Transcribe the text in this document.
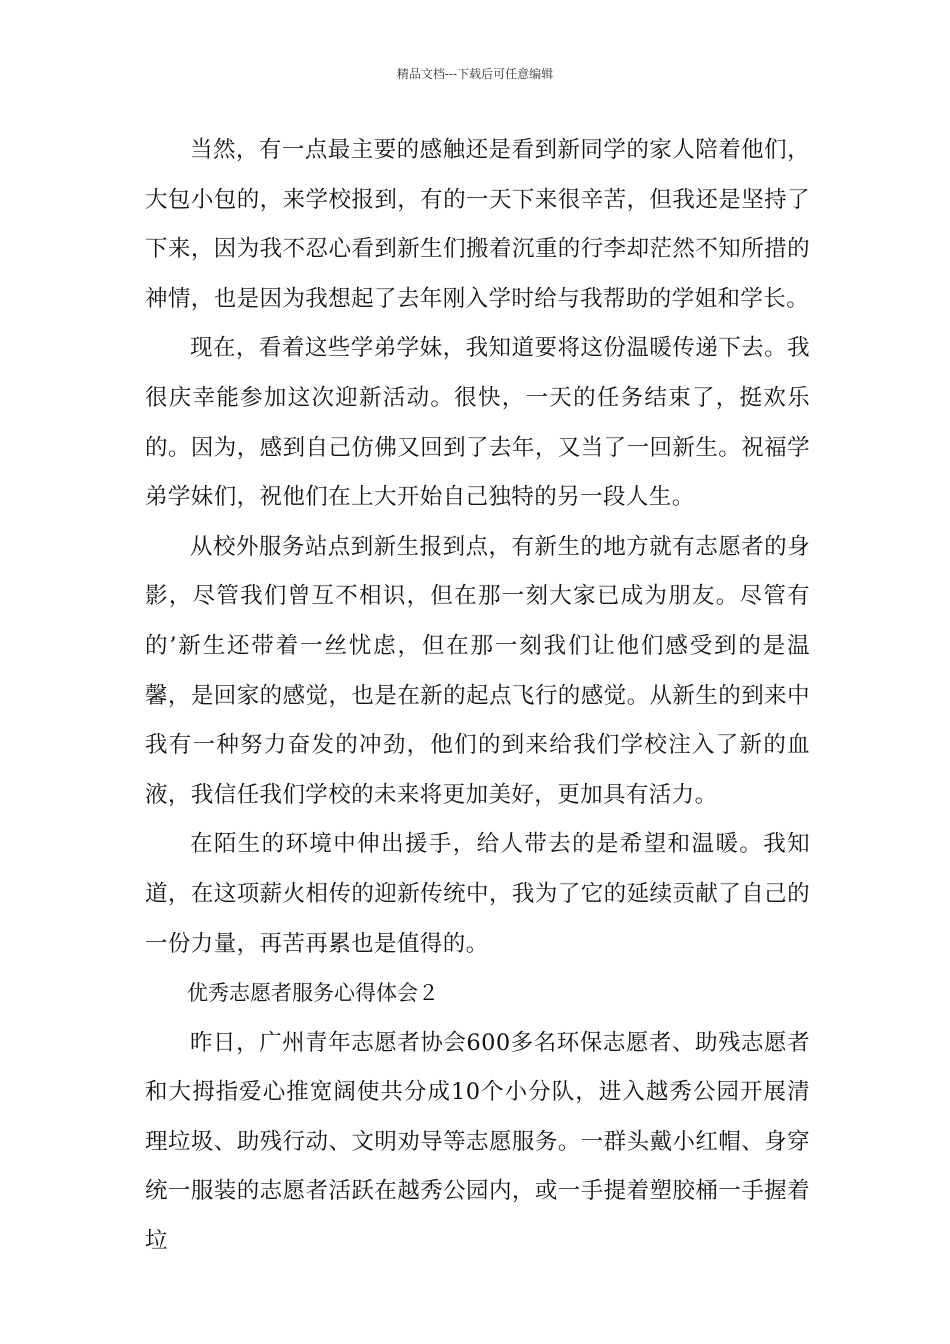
精品文档---下载后可任意编辑

当然，有一点最主要的感触还是看到新同学的家人陪着他们，大包小包的，来学校报到，有的一天下来很辛苦，但我还是坚持了下来，因为我不忍心看到新生们搬着沉重的行李却茫然不知所措的神情，也是因为我想起了去年刚入学时给与我帮助的学姐和学长。

现在，看着这些学弟学妹，我知道要将这份温暖传递下去。我很庆幸能参加这次迎新活动。很快，一天的任务结束了，挺欢乐的。因为，感到自己仿佛又回到了去年，又当了一回新生。祝福学弟学妹们，祝他们在上大开始自己独特的另一段人生。

从校外服务站点到新生报到点，有新生的地方就有志愿者的身影，尽管我们曾互不相识，但在那一刻大家已成为朋友。尽管有的’新生还带着一丝忧虑，但在那一刻我们让他们感受到的是温馨，是回家的感觉，也是在新的起点飞行的感觉。从新生的到来中我有一种努力奋发的冲劲，他们的到来给我们学校注入了新的血液，我信任我们学校的未来将更加美好，更加具有活力。

在陌生的环境中伸出援手，给人带去的是希望和温暖。我知道，在这项薪火相传的迎新传统中，我为了它的延续贡献了自己的一份力量，再苦再累也是值得的。

优秀志愿者服务心得体会２

昨日，广州青年志愿者协会600多名环保志愿者、助残志愿者和大拇指爱心推宽阔使共分成10个小分队，进入越秀公园开展清理垃圾、助残行动、文明劝导等志愿服务。一群头戴小红帽、身穿统一服装的志愿者活跃在越秀公园内，或一手提着塑胶桶一手握着垃
